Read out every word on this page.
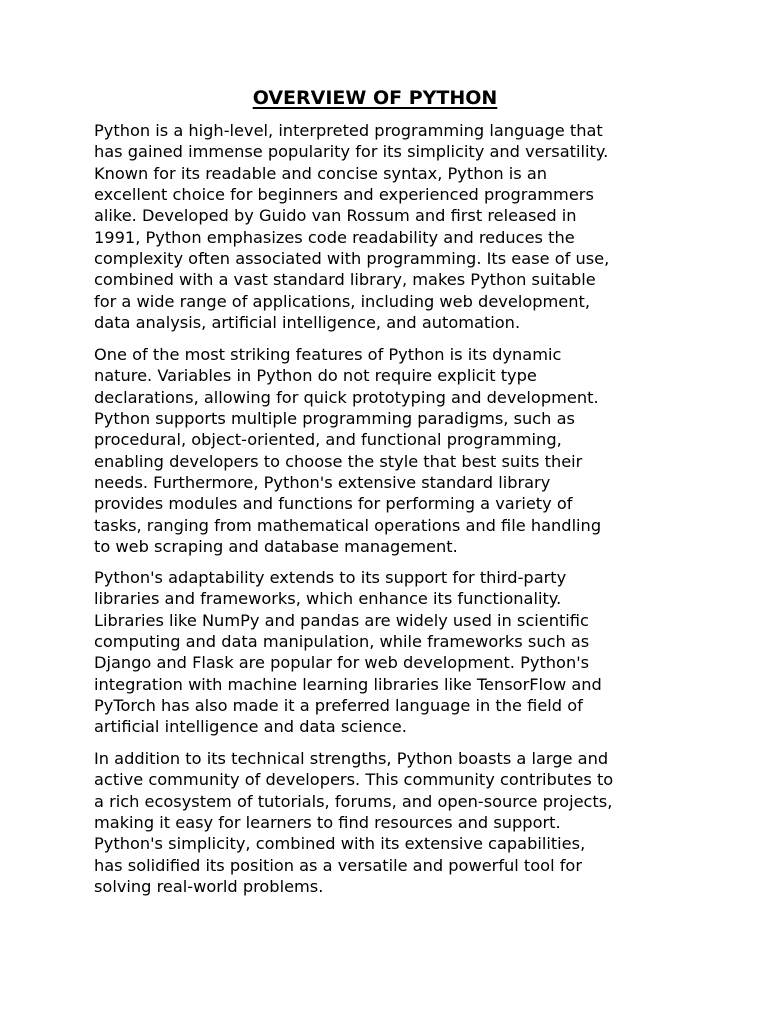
OVERVIEW OF PYTHON

Python is a high-level, interpreted programming language that
has gained immense popularity for its simplicity and versatility.
Known for its readable and concise syntax, Python is an
excellent choice for beginners and experienced programmers
alike. Developed by Guido van Rossum and first released in
1991, Python emphasizes code readability and reduces the
complexity often associated with programming. Its ease of use,
combined with a vast standard library, makes Python suitable
for a wide range of applications, including web development,
data analysis, artificial intelligence, and automation.

One of the most striking features of Python is its dynamic
nature. Variables in Python do not require explicit type
declarations, allowing for quick prototyping and development.
Python supports multiple programming paradigms, such as
procedural, object-oriented, and functional programming,
enabling developers to choose the style that best suits their
needs. Furthermore, Python's extensive standard library
provides modules and functions for performing a variety of
tasks, ranging from mathematical operations and file handling
to web scraping and database management.

Python's adaptability extends to its support for third-party
libraries and frameworks, which enhance its functionality.
Libraries like NumPy and pandas are widely used in scientific
computing and data manipulation, while frameworks such as
Django and Flask are popular for web development. Python's
integration with machine learning libraries like TensorFlow and
PyTorch has also made it a preferred language in the field of
artificial intelligence and data science.

In addition to its technical strengths, Python boasts a large and
active community of developers. This community contributes to
a rich ecosystem of tutorials, forums, and open-source projects,
making it easy for learners to find resources and support.
Python's simplicity, combined with its extensive capabilities,
has solidified its position as a versatile and powerful tool for
solving real-world problems.
